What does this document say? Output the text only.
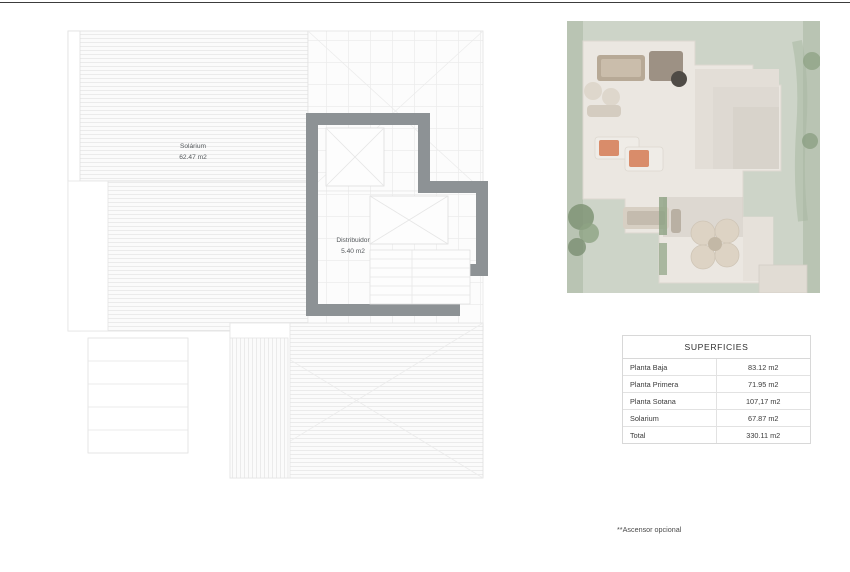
Solárium
62.47 m2
Distribuidor
5.40 m2
SUPERFICIES
Planta Baja	83.12 m2
Planta Primera	71.95 m2
Planta Sotana	107,17 m2
Solarium	67.87 m2
Total	330.11 m2
**Ascensor opcional
